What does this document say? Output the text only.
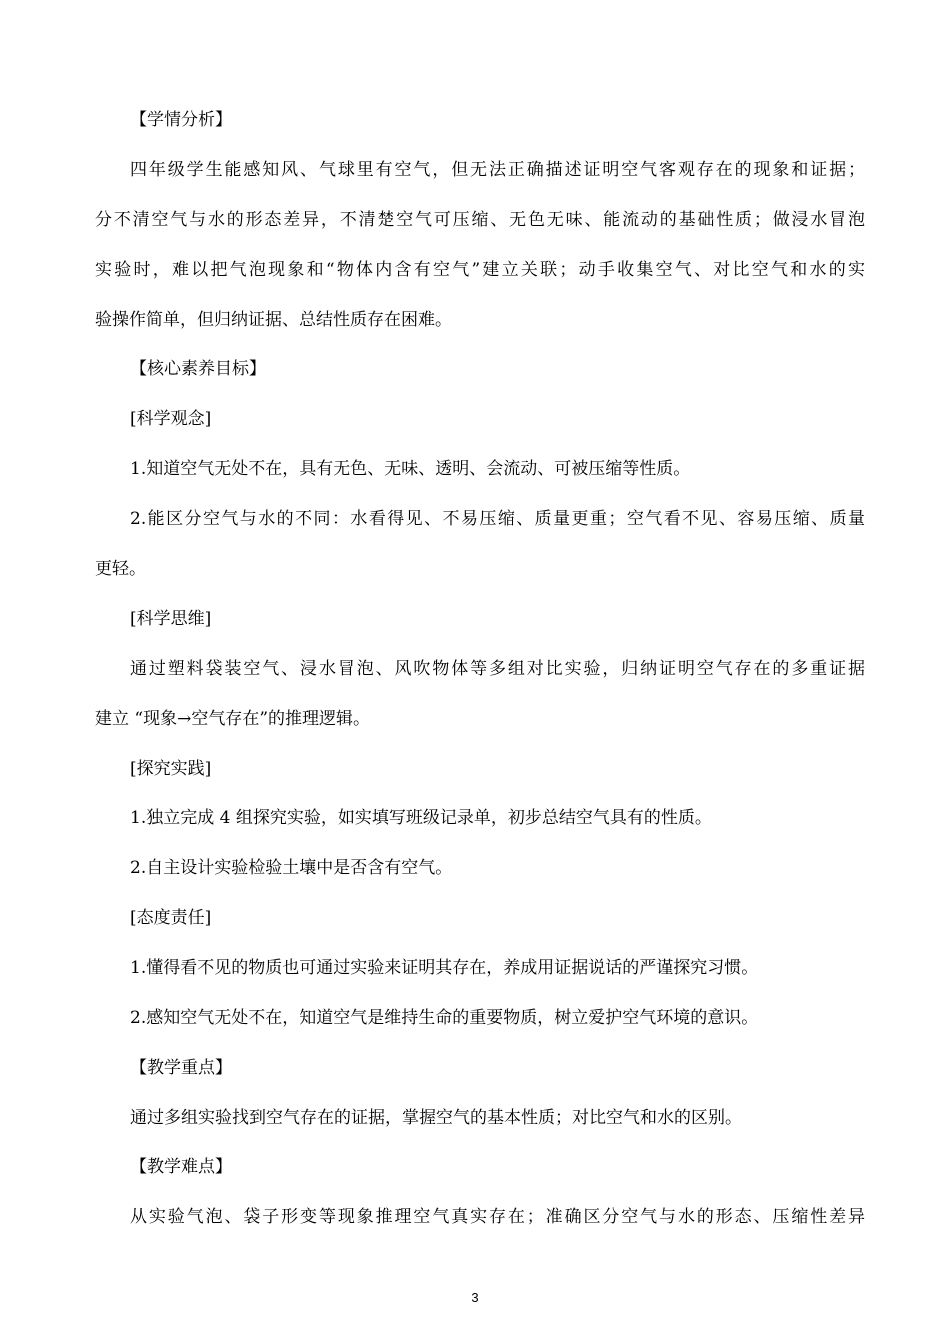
【学情分析】
四年级学生能感知风、气球里有空气，但无法正确描述证明空气客观存在的现象和证据；
分不清空气与水的形态差异，不清楚空气可压缩、无色无味、能流动的基础性质；做浸水冒泡
实验时，难以把气泡现象和“物体内含有空气”建立关联；动手收集空气、对比空气和水的实
验操作简单，但归纳证据、总结性质存在困难。
【核心素养目标】
[科学观念]
1.知道空气无处不在，具有无色、无味、透明、会流动、可被压缩等性质。
2.能区分空气与水的不同：水看得见、不易压缩、质量更重；空气看不见、容易压缩、质量
更轻。
[科学思维]
通过塑料袋装空气、浸水冒泡、风吹物体等多组对比实验，归纳证明空气存在的多重证据
建立 “现象→空气存在”的推理逻辑。
[探究实践]
1.独立完成 4 组探究实验，如实填写班级记录单，初步总结空气具有的性质。
2.自主设计实验检验土壤中是否含有空气。
[态度责任]
1.懂得看不见的物质也可通过实验来证明其存在，养成用证据说话的严谨探究习惯。
2.感知空气无处不在，知道空气是维持生命的重要物质，树立爱护空气环境的意识。
【教学重点】
通过多组实验找到空气存在的证据，掌握空气的基本性质；对比空气和水的区别。
【教学难点】
从实验气泡、袋子形变等现象推理空气真实存在；准确区分空气与水的形态、压缩性差异
3
